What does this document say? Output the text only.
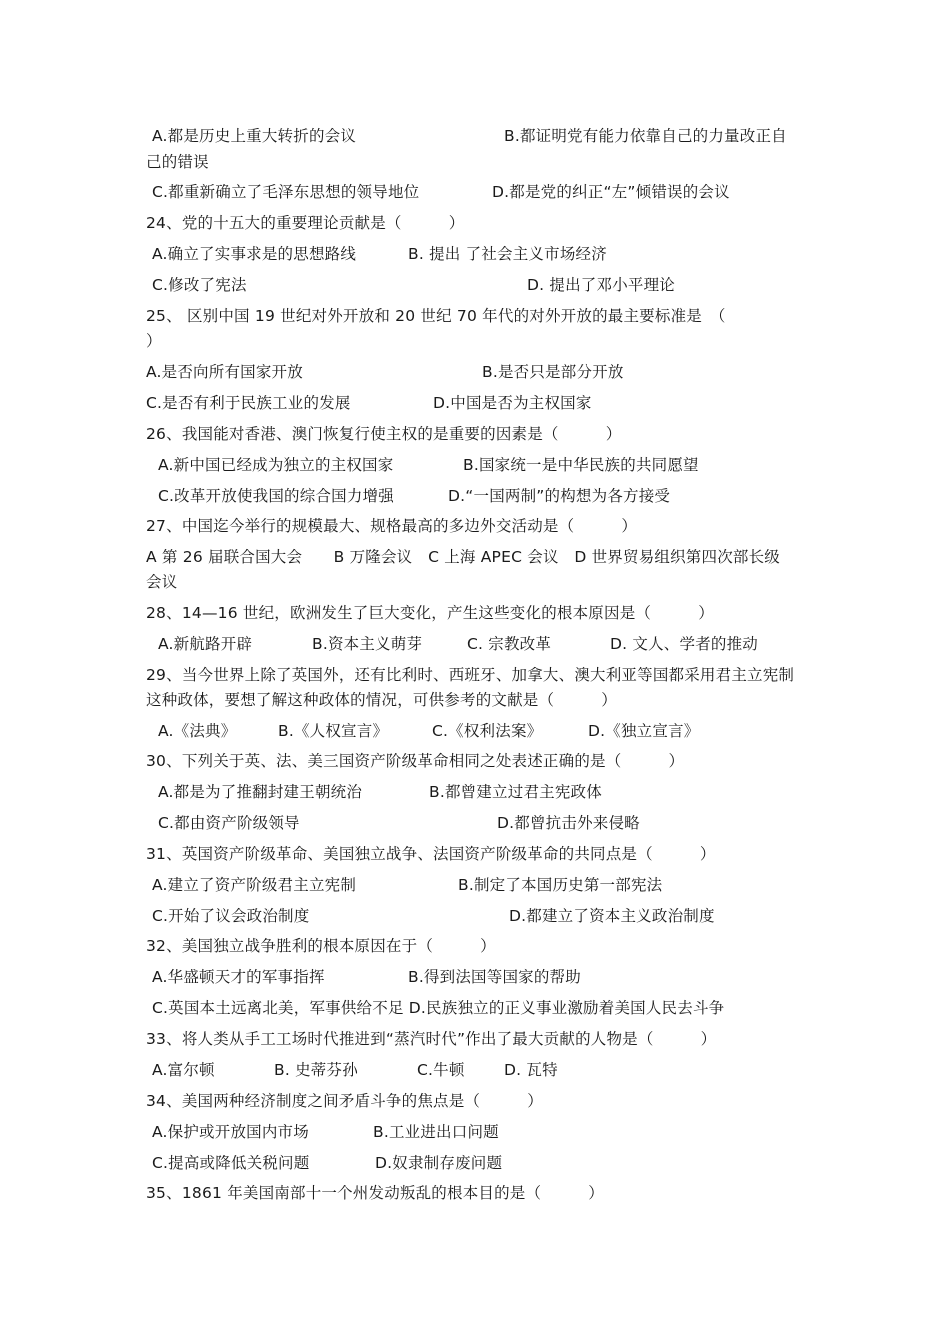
A.都是历史上重大转折的会议	B.都证明党有能力依靠自己的力量改正自
己的错误
C.都重新确立了毛泽东思想的领导地位	D.都是党的纠正“左”倾错误的会议
24、党的十五大的重要理论贡献是（　　　）
A.确立了实事求是的思想路线	B. 提出 了社会主义市场经济
C.修改了宪法	D. 提出了邓小平理论
25、 区别中国 19 世纪对外开放和 20 世纪 70 年代的对外开放的最主要标准是　（
）
A.是否向所有国家开放	B.是否只是部分开放
C.是否有利于民族工业的发展	D.中国是否为主权国家
26、我国能对香港、澳门恢复行使主权的是重要的因素是（　　　）
A.新中国已经成为独立的主权国家	B.国家统一是中华民族的共同愿望
C.改革开放使我国的综合国力增强	D.“一国两制”的构想为各方接受
27、中国迄今举行的规模最大、规格最高的多边外交活动是（　　　）
A 第 26 届联合国大会　　B 万隆会议　C 上海 APEC 会议　D 世界贸易组织第四次部长级
会议
28、14—16 世纪，欧洲发生了巨大变化，产生这些变化的根本原因是（　　　）
A.新航路开辟	B.资本主义萌芽	C. 宗教改革	D. 文人、学者的推动
29、当今世界上除了英国外，还有比利时、西班牙、加拿大、澳大利亚等国都采用君主立宪制
这种政体，要想了解这种政体的情况，可供参考的文献是（　　　）
A.《法典》	B.《人权宣言》	C.《权利法案》	D.《独立宣言》
30、下列关于英、法、美三国资产阶级革命相同之处表述正确的是（　　　）
A.都是为了推翻封建王朝统治	B.都曾建立过君主宪政体
C.都由资产阶级领导	D.都曾抗击外来侵略
31、英国资产阶级革命、美国独立战争、法国资产阶级革命的共同点是（　　　）
A.建立了资产阶级君主立宪制	B.制定了本国历史第一部宪法
C.开始了议会政治制度	D.都建立了资本主义政治制度
32、美国独立战争胜利的根本原因在于（　　　）
A.华盛顿天才的军事指挥	B.得到法国等国家的帮助
C.英国本土远离北美，军事供给不足 D.民族独立的正义事业激励着美国人民去斗争
33、将人类从手工工场时代推进到“蒸汽时代”作出了最大贡献的人物是（　　　）
A.富尔顿	B. 史蒂芬孙	C.牛顿	D. 瓦特
34、美国两种经济制度之间矛盾斗争的焦点是（　　　）
A.保护或开放国内市场	B.工业进出口问题
C.提高或降低关税问题	D.奴隶制存废问题
35、1861 年美国南部十一个州发动叛乱的根本目的是（　　　）
